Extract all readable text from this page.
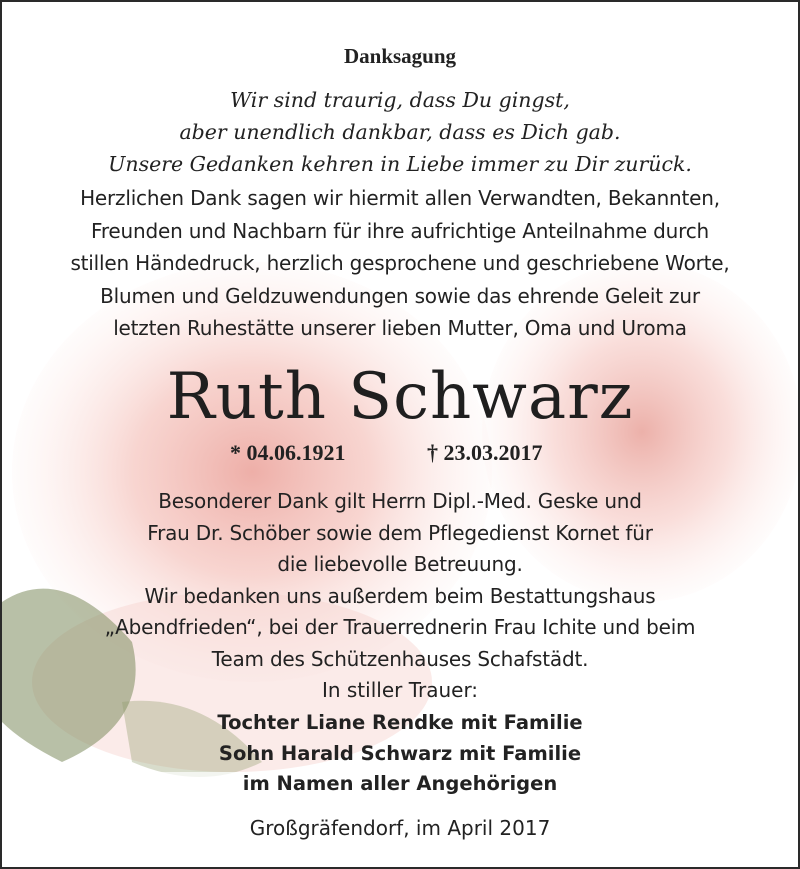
Danksagung
Wir sind traurig, dass Du gingst,
aber unendlich dankbar, dass es Dich gab.
Unsere Gedanken kehren in Liebe immer zu Dir zurück.
Herzlichen Dank sagen wir hiermit allen Verwandten, Bekannten,
Freunden und Nachbarn für ihre aufrichtige Anteilnahme durch
stillen Händedruck, herzlich gesprochene und geschriebene Worte,
Blumen und Geldzuwendungen sowie das ehrende Geleit zur
letzten Ruhestätte unserer lieben Mutter, Oma und Uroma
Ruth Schwarz
* 04.06.1921	† 23.03.2017
Besonderer Dank gilt Herrn Dipl.-Med. Geske und
Frau Dr. Schöber sowie dem Pflegedienst Kornet für
die liebevolle Betreuung.
Wir bedanken uns außerdem beim Bestattungshaus
„Abendfrieden“, bei der Trauerrednerin Frau Ichite und beim
Team des Schützenhauses Schafstädt.
In stiller Trauer:
Tochter Liane Rendke mit Familie
Sohn Harald Schwarz mit Familie
im Namen aller Angehörigen
Großgräfendorf, im April 2017
